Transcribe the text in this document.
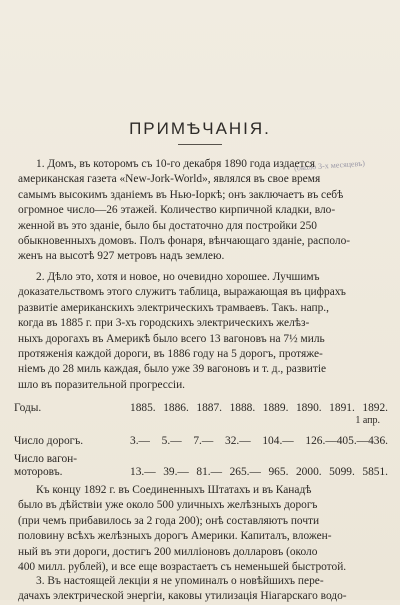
ПРИМѢЧАНІЯ.
(около 3-х месяцевъ)
1. Домъ, въ которомъ съ 10-го декабря 1890 года издается
американская газета «New-Jork-World», являлся въ свое время
самымъ высокимъ зданіемъ въ Нью-Іоркѣ; онъ заключаетъ въ себѣ
огромное число—26 этажей. Количество кирпичной кладки, вло-
женной въ это зданіе, было бы достаточно для постройки 250
обыкновенныхъ домовъ. Полъ фонаря, вѣнчающаго зданіе, располо-
женъ на высотѣ 927 метровъ надъ землею.
2. Дѣло это, хотя и новое, но очевидно хорошее. Лучшимъ
доказательствомъ этого служитъ таблица, выражающая въ цифрахъ
развитіе американскихъ электрическихъ трамваевъ. Такъ. напр.,
когда въ 1885 г. при 3-хъ городскихъ электрическихъ желѣз-
ныхъ дорогахъ въ Америкѣ было всего 13 вагоновъ на 7½ миль
протяженія каждой дороги, въ 1886 году на 5 дорогъ, протяже-
ніемъ до 28 миль каждая, было уже 39 вагоновъ и т. д., развитіе
шло въ поразительной прогрессіи.
Годы.	1885. 1886. 1887. 1888. 1889. 1890. 1891. 1892.
1 апр.
Число дорогъ.	3.— 5.— 7.— 32.— 104.— 126.—405.—436.
Число вагон-
моторовъ.	13.— 39.— 81.— 265.— 965. 2000. 5099. 5851.
Къ концу 1892 г. въ Соединенныхъ Штатахъ и въ Канадѣ
было въ дѣйствіи уже около 500 уличныхъ желѣзныхъ дорогъ
(при чемъ прибавилось за 2 года 200); онѣ составляютъ почти
половину всѣхъ желѣзныхъ дорогъ Америки. Капиталъ, вложен-
ный въ эти дороги, достигъ 200 милліоновъ долларовъ (около
400 милл. рублей), и все еще возрастаетъ съ неменьшей быстротой.
3. Въ настоящей лекціи я не упоминалъ о новѣйшихъ пере-
дачахъ электрической энергіи, каковы утилизація Ніагарскаго водо-
